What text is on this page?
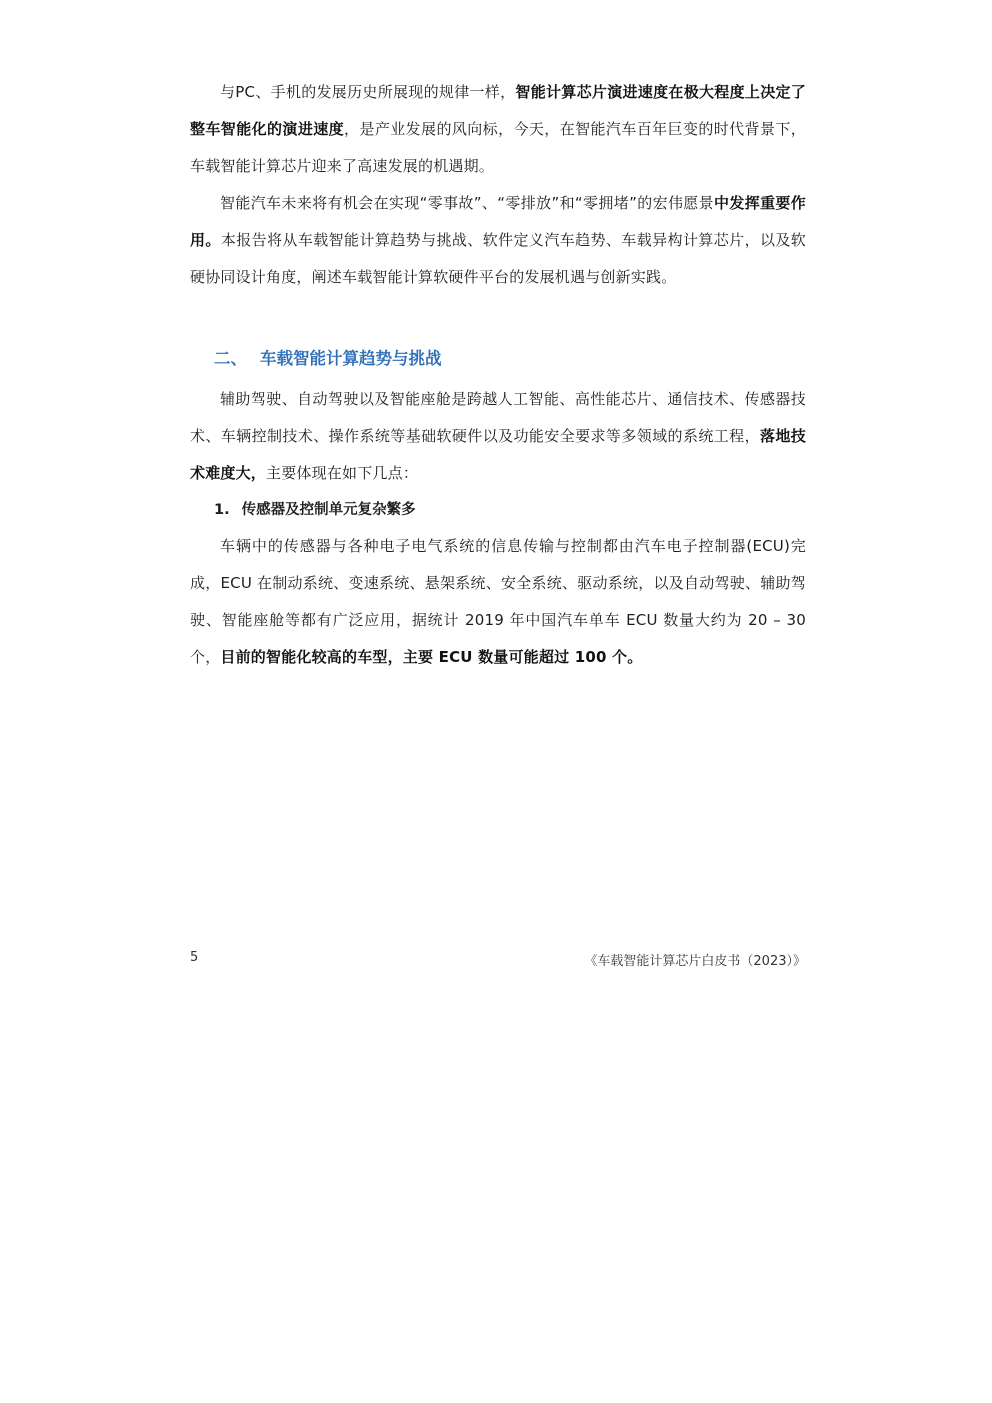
与PC、手机的发展历史所展现的规律一样，智能计算芯片演进速度在极大程度上决定了整车智能化的演进速度，是产业发展的风向标，今天，在智能汽车百年巨变的时代背景下，车载智能计算芯片迎来了高速发展的机遇期。

智能汽车未来将有机会在实现“零事故”、“零排放”和“零拥堵”的宏伟愿景中发挥重要作用。本报告将从车载智能计算趋势与挑战、软件定义汽车趋势、车载异构计算芯片，以及软硬协同设计角度，阐述车载智能计算软硬件平台的发展机遇与创新实践。

二、 车载智能计算趋势与挑战

辅助驾驶、自动驾驶以及智能座舱是跨越人工智能、高性能芯片、通信技术、传感器技术、车辆控制技术、操作系统等基础软硬件以及功能安全要求等多领域的系统工程，落地技术难度大，主要体现在如下几点：

1. 传感器及控制单元复杂繁多

车辆中的传感器与各种电子电气系统的信息传输与控制都由汽车电子控制器(ECU)完成，ECU 在制动系统、变速系统、悬架系统、安全系统、驱动系统，以及自动驾驶、辅助驾驶、智能座舱等都有广泛应用，据统计 2019 年中国汽车单车 ECU 数量大约为 20 – 30 个，目前的智能化较高的车型，主要 ECU 数量可能超过 100 个。

5	《车载智能计算芯片白皮书（2023）》
